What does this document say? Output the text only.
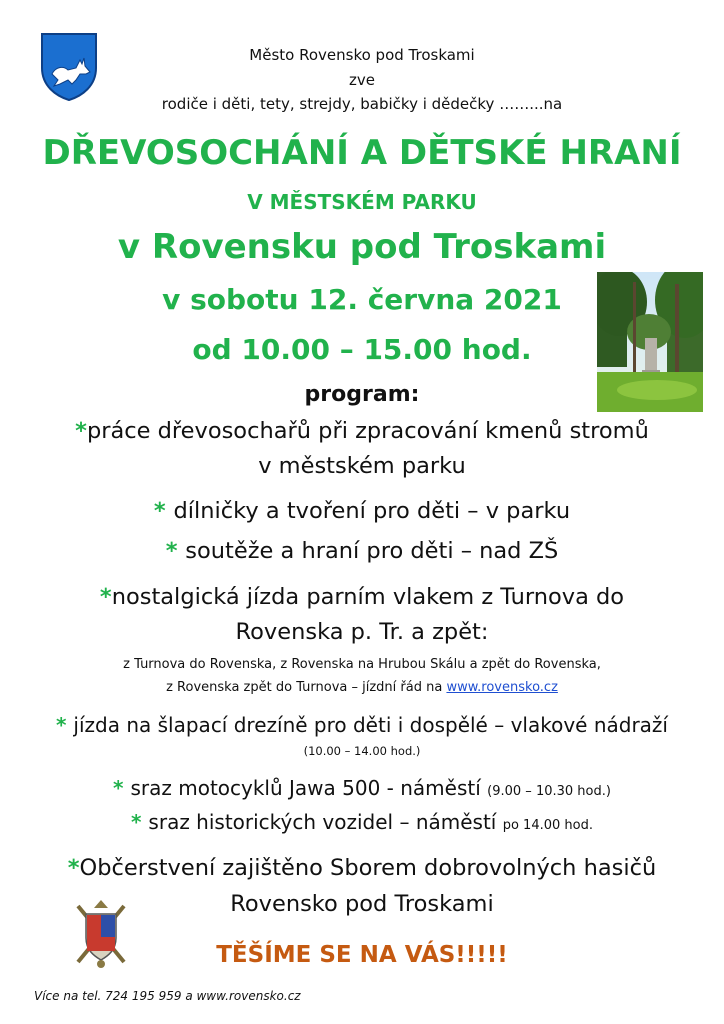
Město Rovensko pod Troskami
zve
rodiče i děti, tety, strejdy, babičky i dědečky ……...na
DŘEVOSOCHÁNÍ A DĚTSKÉ HRANÍ
V MĚSTSKÉM PARKU
v Rovensku pod Troskami
v sobotu 12. června 2021
od 10.00 – 15.00 hod.
program:
*práce dřevosochařů při zpracování kmenů stromů
v městském parku
* dílničky a tvoření pro děti – v parku
* soutěže a hraní pro děti – nad ZŠ
*nostalgická jízda parním vlakem z Turnova do
Rovenska p. Tr. a zpět:
z Turnova do Rovenska, z Rovenska na Hrubou Skálu a zpět do Rovenska,
z Rovenska zpět do Turnova – jízdní řád na www.rovensko.cz
* jízda na šlapací drezíně pro děti i dospělé – vlakové nádraží
(10.00 – 14.00 hod.)
* sraz motocyklů Jawa 500 - náměstí (9.00 – 10.30 hod.)
* sraz historických vozidel – náměstí po 14.00 hod.
*Občerstvení zajištěno Sborem dobrovolných hasičů
Rovensko pod Troskami
TĚŠÍME SE NA VÁS!!!!!
Více na tel. 724 195 959 a www.rovensko.cz
